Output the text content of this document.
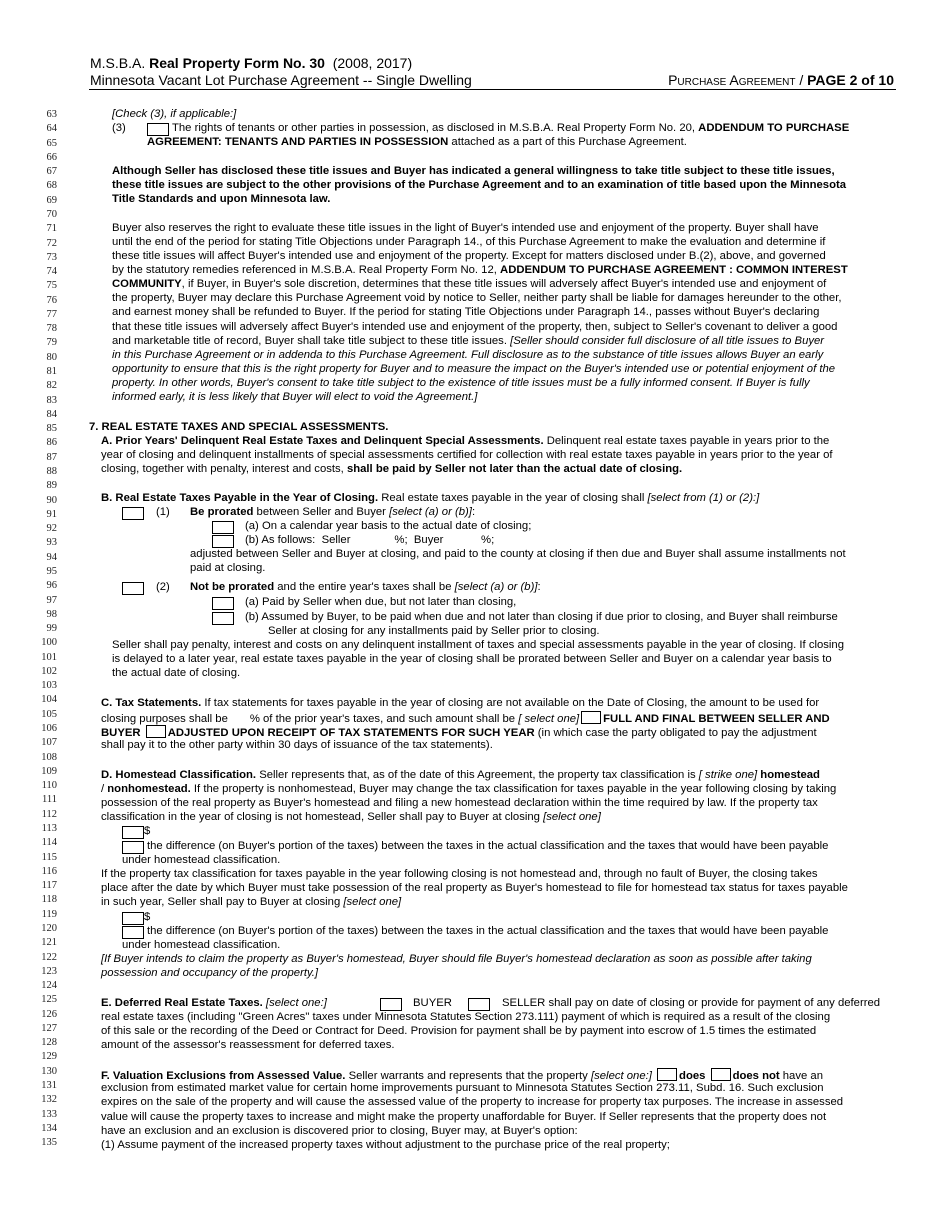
M.S.B.A. Real Property Form No. 30 (2008, 2017)
Minnesota Vacant Lot Purchase Agreement -- Single Dwelling	Purchase Agreement / PAGE 2 of 10
63
64
65
66
67
68
69
70
71
72
73
74
75
76
77
78
79
80
81
82
83
84
85
86
87
88
89
90
91
92
93
94
95
96
97
98
99
100
101
102
103
104
105
106
107
108
109
110
111
112
113
114
115
116
117
118
119
120
121
122
123
124
125
126
127
128
129
130
131
132
133
134
135
[Check (3), if applicable:]
(3)	The rights of tenants or other parties in possession, as disclosed in M.S.B.A. Real Property Form No. 20, ADDENDUM TO PURCHASE
AGREEMENT: TENANTS AND PARTIES IN POSSESSION attached as a part of this Purchase Agreement.
Although Seller has disclosed these title issues and Buyer has indicated a general willingness to take title subject to these title issues,
these title issues are subject to the other provisions of the Purchase Agreement and to an examination of title based upon the Minnesota
Title Standards and upon Minnesota law.
Buyer also reserves the right to evaluate these title issues in the light of Buyer's intended use and enjoyment of the property. Buyer shall have
until the end of the period for stating Title Objections under Paragraph 14., of this Purchase Agreement to make the evaluation and determine if
these title issues will affect Buyer's intended use and enjoyment of the property. Except for matters disclosed under B.(2), above, and governed
by the statutory remedies referenced in M.S.B.A. Real Property Form No. 12, ADDENDUM TO PURCHASE AGREEMENT : COMMON INTEREST
COMMUNITY, if Buyer, in Buyer's sole discretion, determines that these title issues will adversely affect Buyer's intended use and enjoyment of
the property, Buyer may declare this Purchase Agreement void by notice to Seller, neither party shall be liable for damages hereunder to the other,
and earnest money shall be refunded to Buyer. If the period for stating Title Objections under Paragraph 14., passes without Buyer's declaring
that these title issues will adversely affect Buyer's intended use and enjoyment of the property, then, subject to Seller's covenant to deliver a good
and marketable title of record, Buyer shall take title subject to these title issues. [Seller should consider full disclosure of all title issues to Buyer
in this Purchase Agreement or in addenda to this Purchase Agreement. Full disclosure as to the substance of title issues allows Buyer an early
opportunity to ensure that this is the right property for Buyer and to measure the impact on the Buyer's intended use or potential enjoyment of the
property. In other words, Buyer's consent to take title subject to the existence of title issues must be a fully informed consent. If Buyer is fully
informed early, it is less likely that Buyer will elect to void the Agreement.]
7. REAL ESTATE TAXES AND SPECIAL ASSESSMENTS.
A. Prior Years' Delinquent Real Estate Taxes and Delinquent Special Assessments. Delinquent real estate taxes payable in years prior to the
year of closing and delinquent installments of special assessments certified for collection with real estate taxes payable in years prior to the year of
closing, together with penalty, interest and costs, shall be paid by Seller not later than the actual date of closing.
B. Real Estate Taxes Payable in the Year of Closing. Real estate taxes payable in the year of closing shall [select from (1) or (2):]
(1) Be prorated between Seller and Buyer [select (a) or (b)]:
(a) On a calendar year basis to the actual date of closing;
(b) As follows:  Seller              %;  Buyer            %;
adjusted between Seller and Buyer at closing, and paid to the county at closing if then due and Buyer shall assume installments not
paid at closing.
(2) Not be prorated and the entire year's taxes shall be [select (a) or (b)]:
(a) Paid by Seller when due, but not later than closing,
(b) Assumed by Buyer, to be paid when due and not later than closing if due prior to closing, and Buyer shall reimburse
Seller at closing for any installments paid by Seller prior to closing.
Seller shall pay penalty, interest and costs on any delinquent installment of taxes and special assessments payable in the year of closing. If closing
is delayed to a later year, real estate taxes payable in the year of closing shall be prorated between Seller and Buyer on a calendar year basis to
the actual date of closing.
C. Tax Statements. If tax statements for taxes payable in the year of closing are not available on the Date of Closing, the amount to be used for
closing purposes shall be       % of the prior year's taxes, and such amount shall be [ select one] FULL AND FINAL BETWEEN SELLER AND
BUYER ADJUSTED UPON RECEIPT OF TAX STATEMENTS FOR SUCH YEAR (in which case the party obligated to pay the adjustment
shall pay it to the other party within 30 days of issuance of the tax statements).
D. Homestead Classification. Seller represents that, as of the date of this Agreement, the property tax classification is [ strike one] homestead
/ nonhomestead. If the property is nonhomestead, Buyer may change the tax classification for taxes payable in the year following closing by taking
possession of the real property as Buyer's homestead and filing a new homestead declaration within the time required by law. If the property tax
classification in the year of closing is not homestead, Seller shall pay to Buyer at closing [select one]
$
the difference (on Buyer's portion of the taxes) between the taxes in the actual classification and the taxes that would have been payable
under homestead classification.
If the property tax classification for taxes payable in the year following closing is not homestead and, through no fault of Buyer, the closing takes
place after the date by which Buyer must take possession of the real property as Buyer's homestead to file for homestead tax status for taxes payable
in such year, Seller shall pay to Buyer at closing [select one]
$
the difference (on Buyer's portion of the taxes) between the taxes in the actual classification and the taxes that would have been payable
under homestead classification.
[If Buyer intends to claim the property as Buyer's homestead, Buyer should file Buyer's homestead declaration as soon as possible after taking
possession and occupancy of the property.]
E. Deferred Real Estate Taxes. [select one:]	BUYER	SELLER shall pay on date of closing or provide for payment of any deferred
real estate taxes (including "Green Acres" taxes under Minnesota Statutes Section 273.111) payment of which is required as a result of the closing
of this sale or the recording of the Deed or Contract for Deed. Provision for payment shall be by payment into escrow of 1.5 times the estimated
amount of the assessor's reassessment for deferred taxes.
F. Valuation Exclusions from Assessed Value. Seller warrants and represents that the property [select one:] does does not have an
exclusion from estimated market value for certain home improvements pursuant to Minnesota Statutes Section 273.11, Subd. 16. Such exclusion
expires on the sale of the property and will cause the assessed value of the property to increase for property tax purposes. The increase in assessed
value will cause the property taxes to increase and might make the property unaffordable for Buyer. If Seller represents that the property does not
have an exclusion and an exclusion is discovered prior to closing, Buyer may, at Buyer's option:
(1) Assume payment of the increased property taxes without adjustment to the purchase price of the real property;
